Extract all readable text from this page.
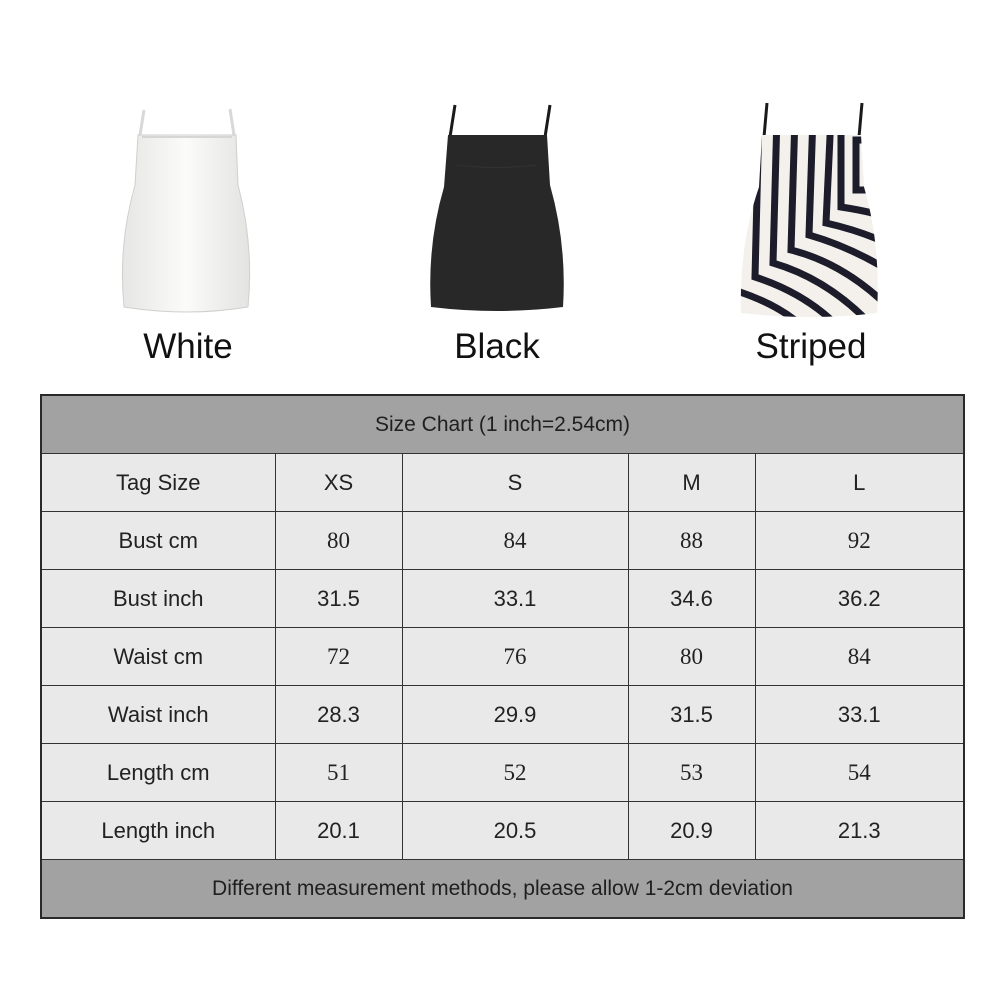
White	Black	Striped
Size Chart (1 inch=2.54cm)				
Tag Size	XS	S	M	L
Bust cm	80	84	88	92
Bust inch	31.5	33.1	34.6	36.2
Waist cm	72	76	80	84
Waist inch	28.3	29.9	31.5	33.1
Length cm	51	52	53	54
Length inch	20.1	20.5	20.9	21.3
Different measurement methods, please allow 1-2cm deviation				
